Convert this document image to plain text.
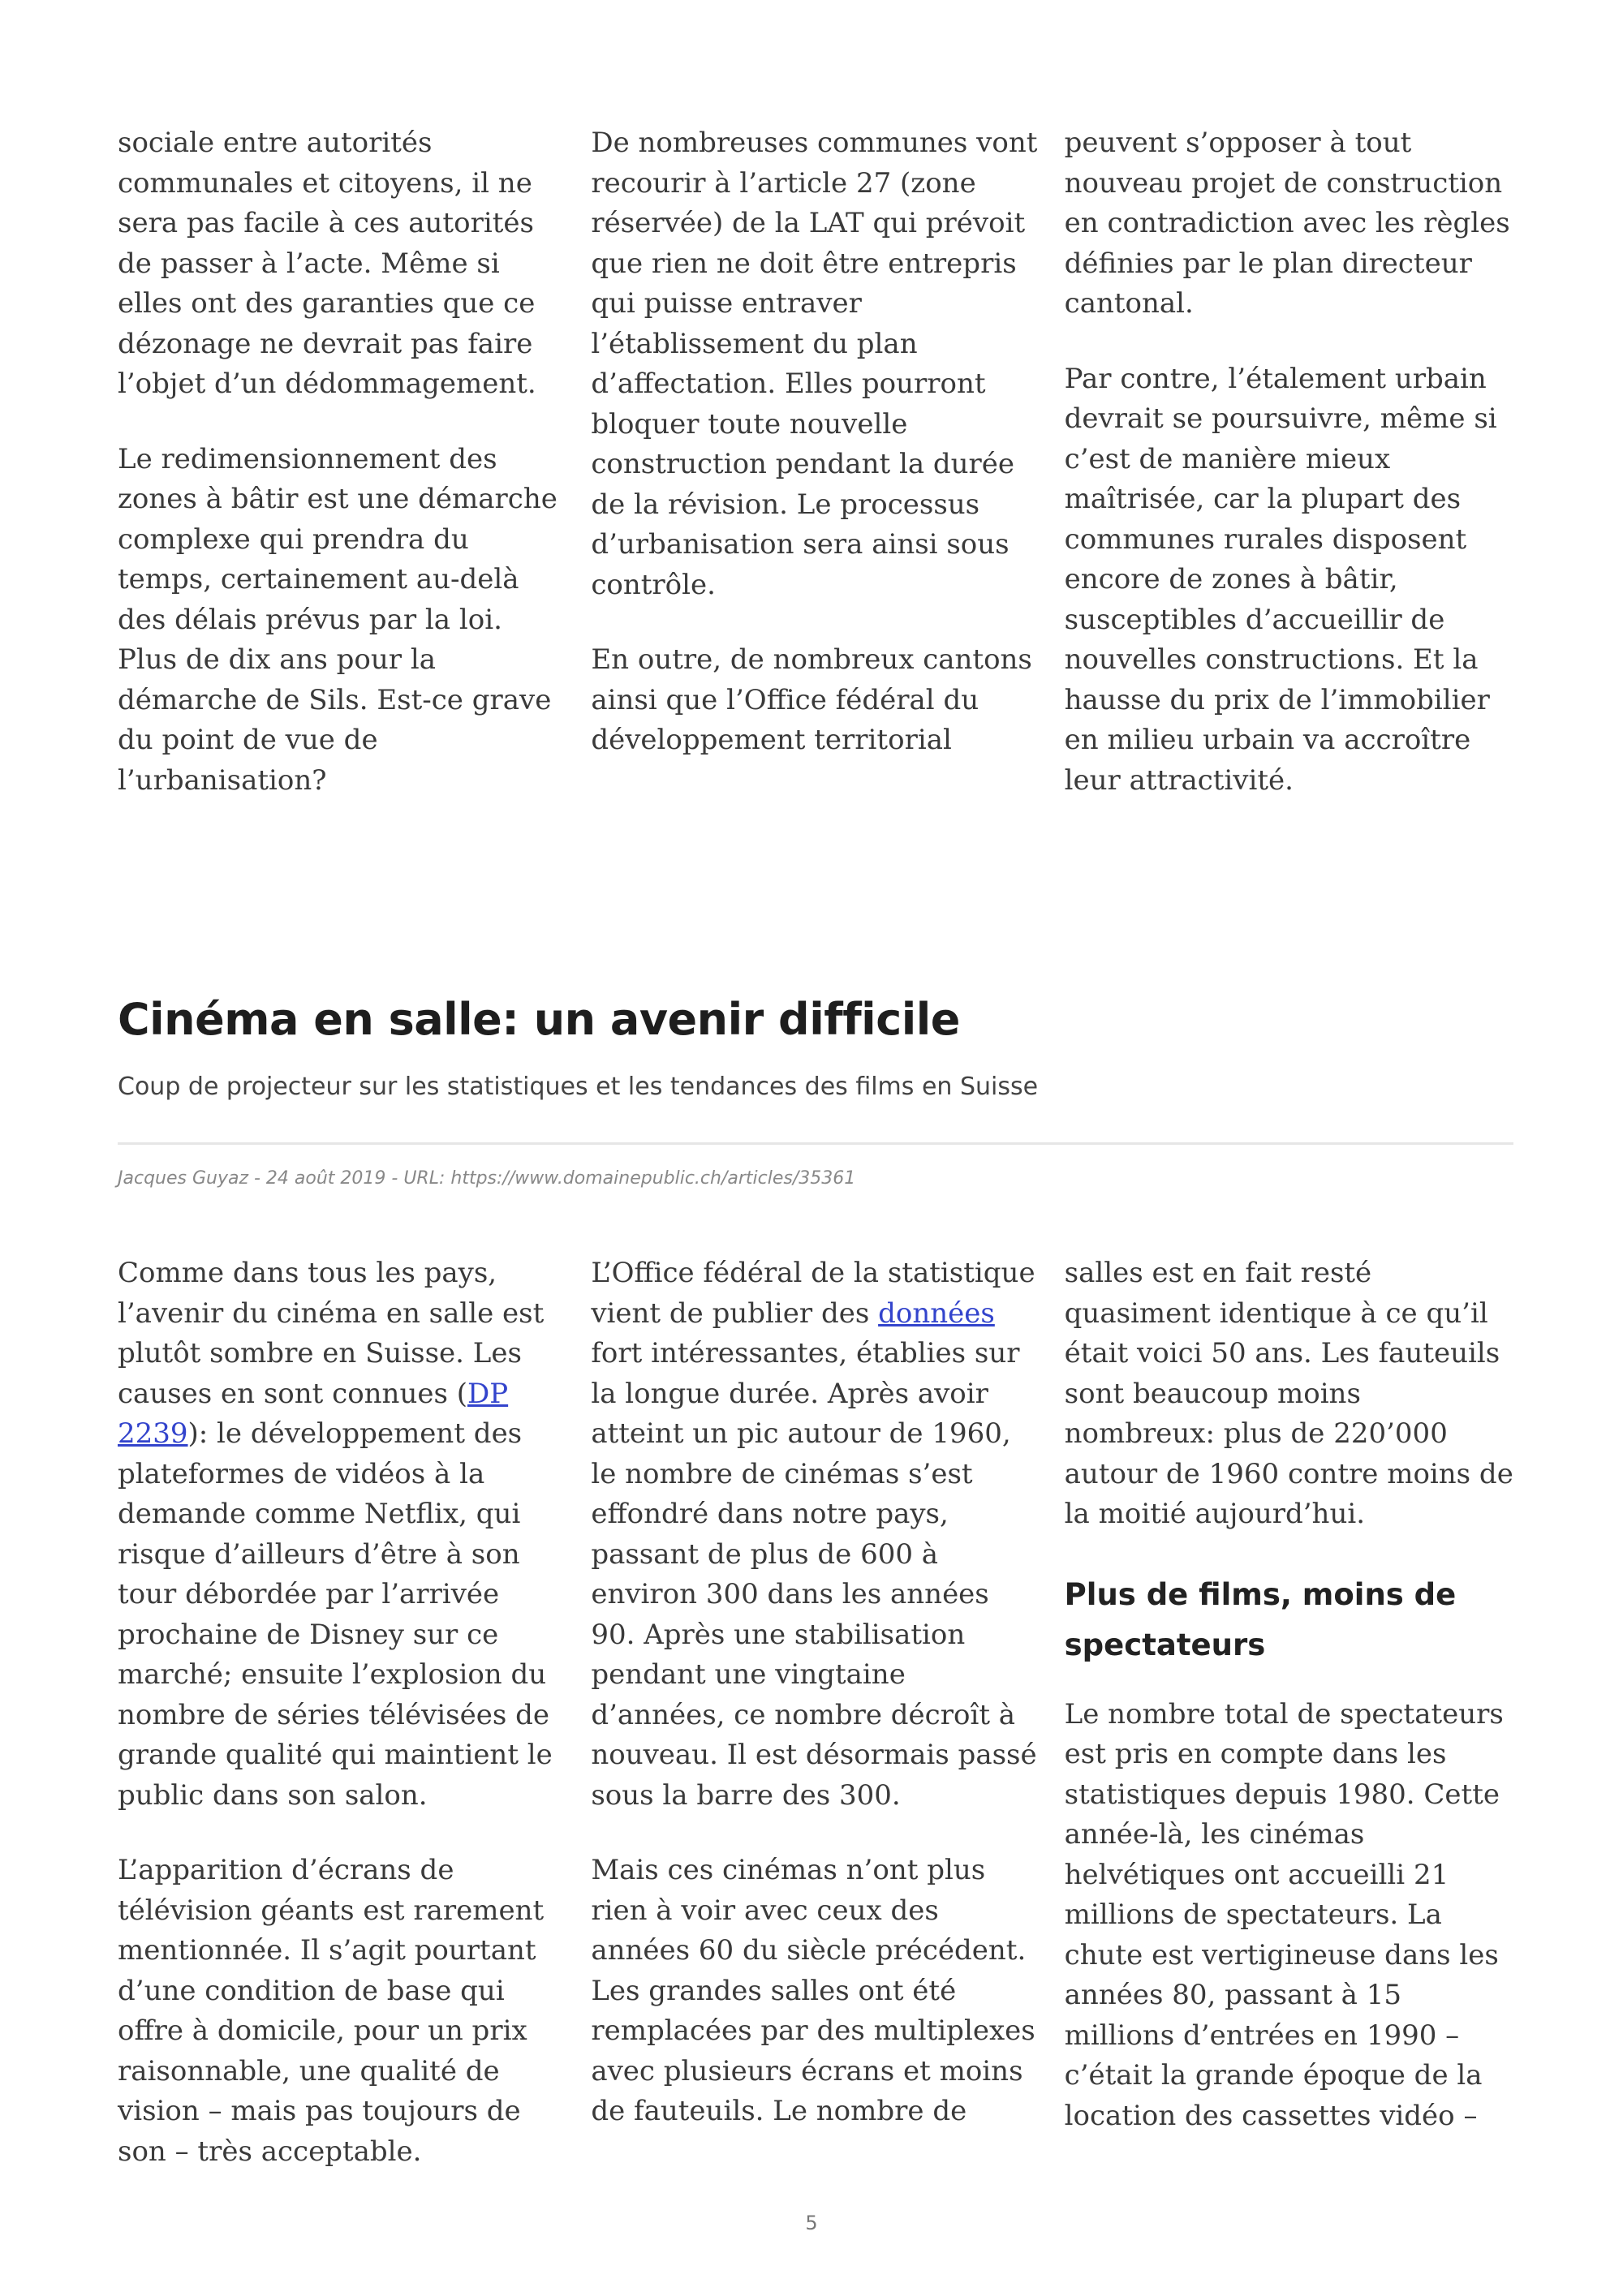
sociale entre autorités communales et citoyens, il ne sera pas facile à ces autorités de passer à l’acte. Même si elles ont des garanties que ce dézonage ne devrait pas faire l’objet d’un dédommagement.

Le redimensionnement des zones à bâtir est une démarche complexe qui prendra du temps, certainement au-delà des délais prévus par la loi. Plus de dix ans pour la démarche de Sils. Est-ce grave du point de vue de l’urbanisation?

De nombreuses communes vont recourir à l’article 27 (zone réservée) de la LAT qui prévoit que rien ne doit être entrepris qui puisse entraver l’établissement du plan d’affectation. Elles pourront bloquer toute nouvelle construction pendant la durée de la révision. Le processus d’urbanisation sera ainsi sous contrôle.

En outre, de nombreux cantons ainsi que l’Office fédéral du développement territorial

peuvent s’opposer à tout nouveau projet de construction en contradiction avec les règles définies par le plan directeur cantonal.

Par contre, l’étalement urbain devrait se poursuivre, même si c’est de manière mieux maîtrisée, car la plupart des communes rurales disposent encore de zones à bâtir, susceptibles d’accueillir de nouvelles constructions. Et la hausse du prix de l’immobilier en milieu urbain va accroître leur attractivité.

Cinéma en salle: un avenir difficile

Coup de projecteur sur les statistiques et les tendances des films en Suisse

Jacques Guyaz - 24 août 2019 - URL: https://www.domainepublic.ch/articles/35361

Comme dans tous les pays, l’avenir du cinéma en salle est plutôt sombre en Suisse. Les causes en sont connues (DP 2239): le développement des plateformes de vidéos à la demande comme Netflix, qui risque d’ailleurs d’être à son tour débordée par l’arrivée prochaine de Disney sur ce marché; ensuite l’explosion du nombre de séries télévisées de grande qualité qui maintient le public dans son salon.

L’apparition d’écrans de télévision géants est rarement mentionnée. Il s’agit pourtant d’une condition de base qui offre à domicile, pour un prix raisonnable, une qualité de vision – mais pas toujours de son – très acceptable.

L’Office fédéral de la statistique vient de publier des données fort intéressantes, établies sur la longue durée. Après avoir atteint un pic autour de 1960, le nombre de cinémas s’est effondré dans notre pays, passant de plus de 600 à environ 300 dans les années 90. Après une stabilisation pendant une vingtaine d’années, ce nombre décroît à nouveau. Il est désormais passé sous la barre des 300.

Mais ces cinémas n’ont plus rien à voir avec ceux des années 60 du siècle précédent. Les grandes salles ont été remplacées par des multiplexes avec plusieurs écrans et moins de fauteuils. Le nombre de

salles est en fait resté quasiment identique à ce qu’il était voici 50 ans. Les fauteuils sont beaucoup moins nombreux: plus de 220’000 autour de 1960 contre moins de la moitié aujourd’hui.

Plus de films, moins de spectateurs

Le nombre total de spectateurs est pris en compte dans les statistiques depuis 1980. Cette année-là, les cinémas helvétiques ont accueilli 21 millions de spectateurs. La chute est vertigineuse dans les années 80, passant à 15 millions d’entrées en 1990 – c’était la grande époque de la location des cassettes vidéo –

5
